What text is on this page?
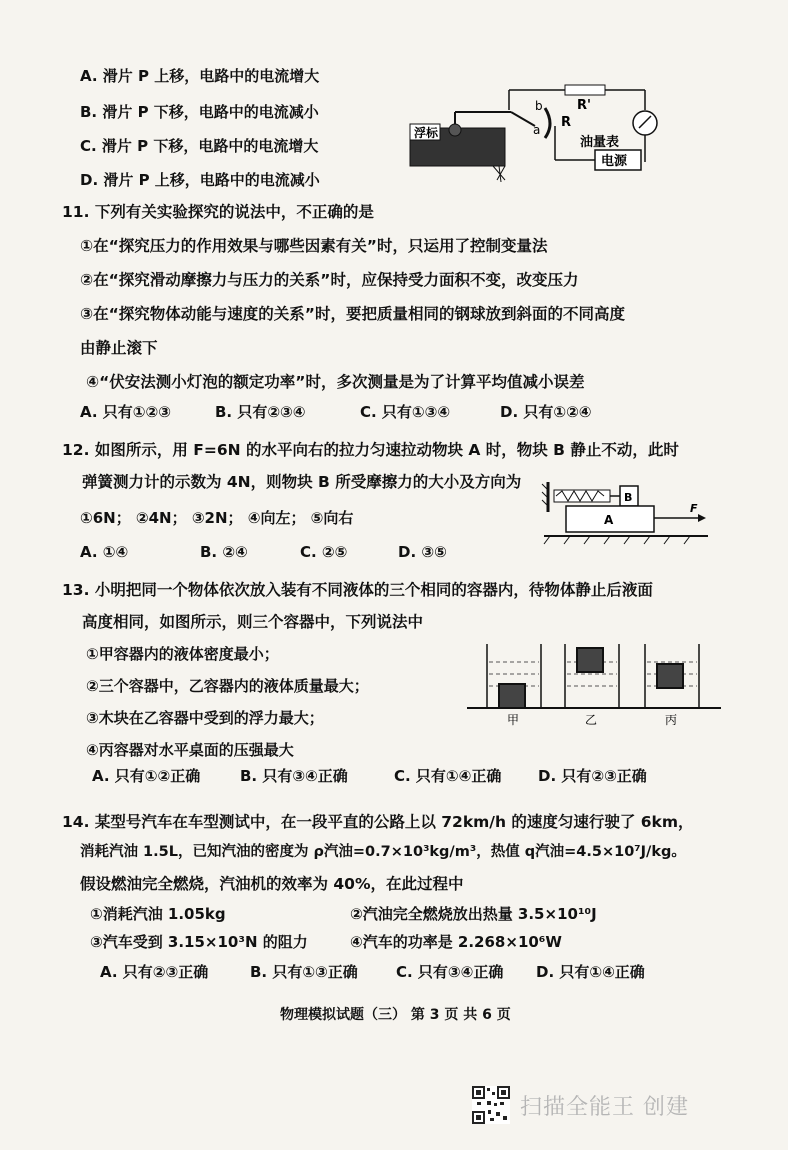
A. 滑片 P 上移，电路中的电流增大
B. 滑片 P 下移，电路中的电流减小
C. 滑片 P 下移，电路中的电流增大
D. 滑片 P 上移，电路中的电流减小
浮标
b
a R
R'
油量表
电源
11. 下列有关实验探究的说法中，不正确的是
①在“探究压力的作用效果与哪些因素有关”时，只运用了控制变量法
②在“探究滑动摩擦力与压力的关系”时，应保持受力面积不变，改变压力
③在“探究物体动能与速度的关系”时，要把质量相同的钢球放到斜面的不同高度
由静止滚下
④“伏安法测小灯泡的额定功率”时，多次测量是为了计算平均值减小误差
A. 只有①②③	B. 只有②③④	C. 只有①③④	D. 只有①②④
12. 如图所示，用 F=6N 的水平向右的拉力匀速拉动物块 A 时，物块 B 静止不动，此时
弹簧测力计的示数为 4N，则物块 B 所受摩擦力的大小及方向为
①6N； ②4N； ③2N； ④向左； ⑤向右
A. ①④	B. ②④	C. ②⑤	D. ③⑤
B
A
F
13. 小明把同一个物体依次放入装有不同液体的三个相同的容器内，待物体静止后液面
高度相同，如图所示，则三个容器中，下列说法中
①甲容器内的液体密度最小；
②三个容器中，乙容器内的液体质量最大；
③木块在乙容器中受到的浮力最大；
④丙容器对水平桌面的压强最大
A. 只有①②正确	B. 只有③④正确	C. 只有①④正确 D. 只有②③正确
甲	乙	丙
14. 某型号汽车在车型测试中，在一段平直的公路上以 72km/h 的速度匀速行驶了 6km，
消耗汽油 1.5L，已知汽油的密度为 ρ汽油=0.7×10³kg/m³，热值 q汽油=4.5×10⁷J/kg。
假设燃油完全燃烧，汽油机的效率为 40%，在此过程中
①消耗汽油 1.05kg	②汽油完全燃烧放出热量 3.5×10¹⁰J
③汽车受到 3.15×10³N 的阻力	④汽车的功率是 2.268×10⁶W
A. 只有②③正确	B. 只有①③正确	C. 只有③④正确 D. 只有①④正确
物理模拟试题（三） 第 3 页 共 6 页
扫描全能王 创建
